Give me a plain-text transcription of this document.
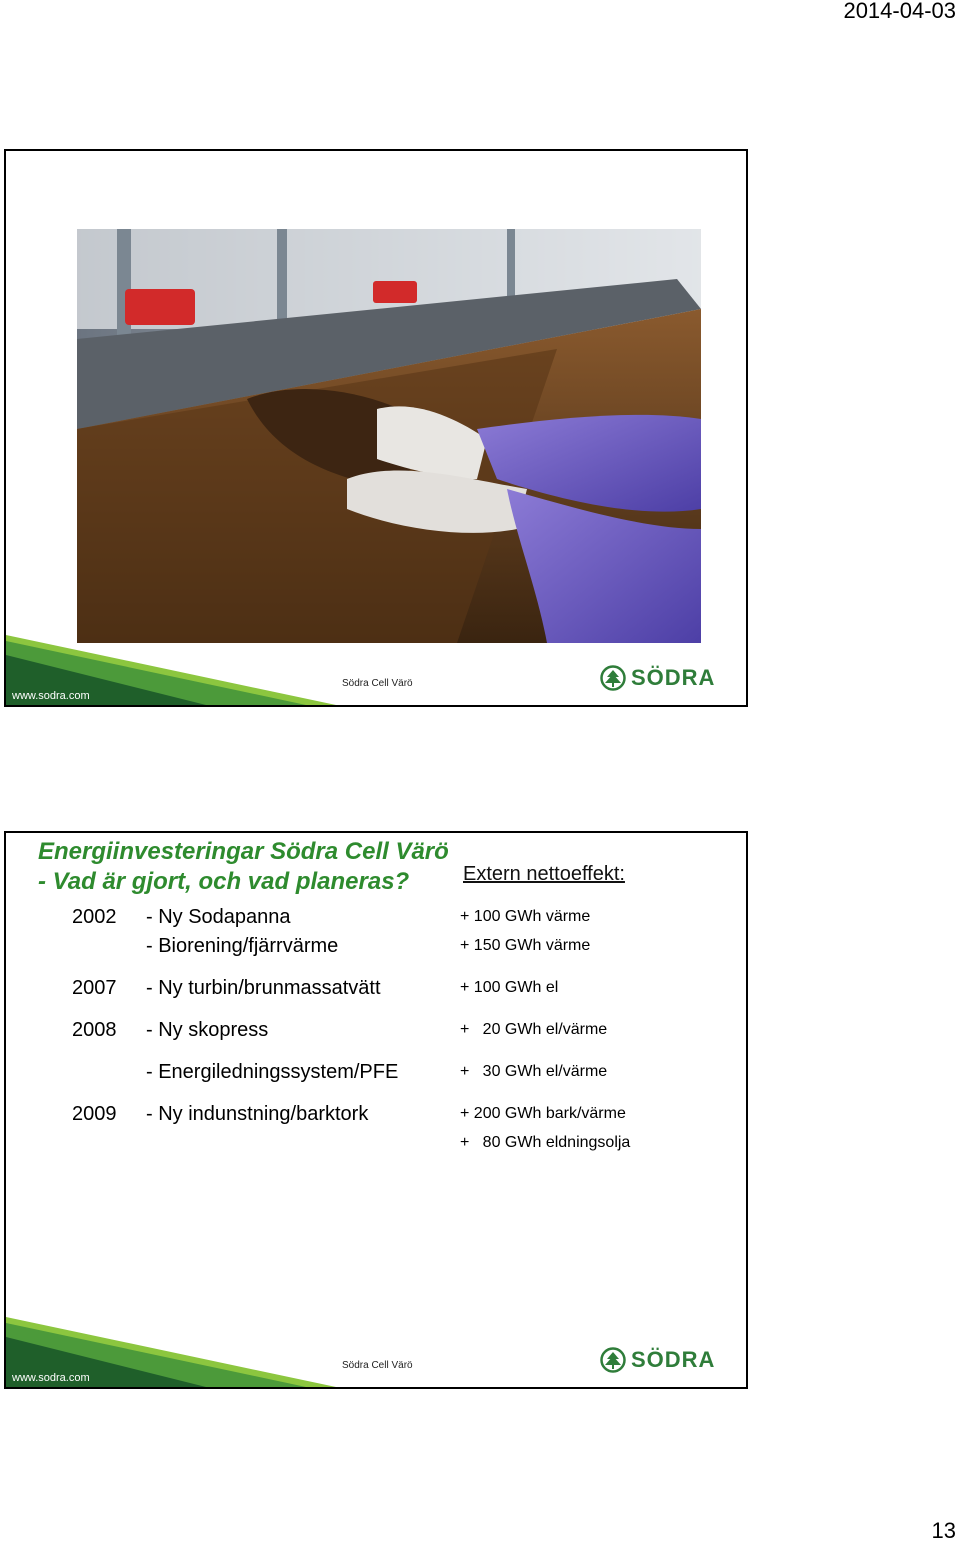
2014-04-03
www.sodra.com
Södra Cell Värö	SÖDRA
Energiinvesteringar Södra Cell Värö
- Vad är gjort, och vad planeras?	Extern nettoeffekt:
2002 - Ny Sodapanna	+ 100 GWh värme
- Biorening/fjärrvärme	+ 150 GWh värme
2007 - Ny turbin/brunmassatvätt	+ 100 GWh el
2008 - Ny skopress	+   20 GWh el/värme
- Energiledningssystem/PFE	+   30 GWh el/värme
2009 - Ny indunstning/barktork	+ 200 GWh bark/värme
+   80 GWh eldningsolja
www.sodra.com
Södra Cell Värö	SÖDRA
13
